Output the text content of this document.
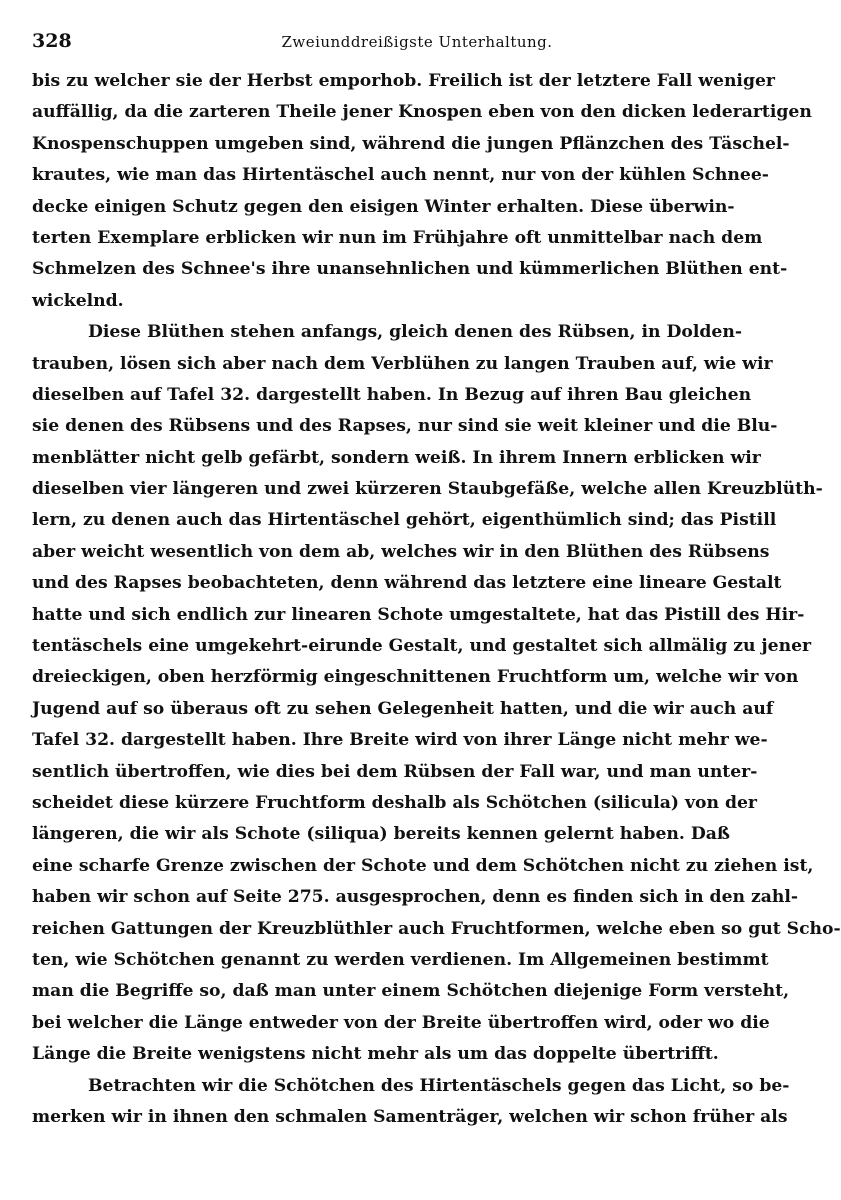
328	Zweiunddreißigste Unterhaltung.
bis zu welcher sie der Herbst emporhob. Freilich ist der letztere Fall weniger
auffällig, da die zarteren Theile jener Knospen eben von den dicken lederartigen
Knospenschuppen umgeben sind, während die jungen Pflänzchen des Täschel-
krautes, wie man das Hirtentäschel auch nennt, nur von der kühlen Schnee-
decke einigen Schutz gegen den eisigen Winter erhalten. Diese überwin-
terten Exemplare erblicken wir nun im Frühjahre oft unmittelbar nach dem
Schmelzen des Schnee's ihre unansehnlichen und kümmerlichen Blüthen ent-
wickelnd.
Diese Blüthen stehen anfangs, gleich denen des Rübsen, in Dolden-
trauben, lösen sich aber nach dem Verblühen zu langen Trauben auf, wie wir
dieselben auf Tafel 32. dargestellt haben. In Bezug auf ihren Bau gleichen
sie denen des Rübsens und des Rapses, nur sind sie weit kleiner und die Blu-
menblätter nicht gelb gefärbt, sondern weiß. In ihrem Innern erblicken wir
dieselben vier längeren und zwei kürzeren Staubgefäße, welche allen Kreuzblüth-
lern, zu denen auch das Hirtentäschel gehört, eigenthümlich sind; das Pistill
aber weicht wesentlich von dem ab, welches wir in den Blüthen des Rübsens
und des Rapses beobachteten, denn während das letztere eine lineare Gestalt
hatte und sich endlich zur linearen Schote umgestaltete, hat das Pistill des Hir-
tentäschels eine umgekehrt-eirunde Gestalt, und gestaltet sich allmälig zu jener
dreieckigen, oben herzförmig eingeschnittenen Fruchtform um, welche wir von
Jugend auf so überaus oft zu sehen Gelegenheit hatten, und die wir auch auf
Tafel 32. dargestellt haben. Ihre Breite wird von ihrer Länge nicht mehr we-
sentlich übertroffen, wie dies bei dem Rübsen der Fall war, und man unter-
scheidet diese kürzere Fruchtform deshalb als Schötchen (silicula) von der
längeren, die wir als Schote (siliqua) bereits kennen gelernt haben. Daß
eine scharfe Grenze zwischen der Schote und dem Schötchen nicht zu ziehen ist,
haben wir schon auf Seite 275. ausgesprochen, denn es finden sich in den zahl-
reichen Gattungen der Kreuzblüthler auch Fruchtformen, welche eben so gut Scho-
ten, wie Schötchen genannt zu werden verdienen. Im Allgemeinen bestimmt
man die Begriffe so, daß man unter einem Schötchen diejenige Form versteht,
bei welcher die Länge entweder von der Breite übertroffen wird, oder wo die
Länge die Breite wenigstens nicht mehr als um das doppelte übertrifft.
Betrachten wir die Schötchen des Hirtentäschels gegen das Licht, so be-
merken wir in ihnen den schmalen Samenträger, welchen wir schon früher als
